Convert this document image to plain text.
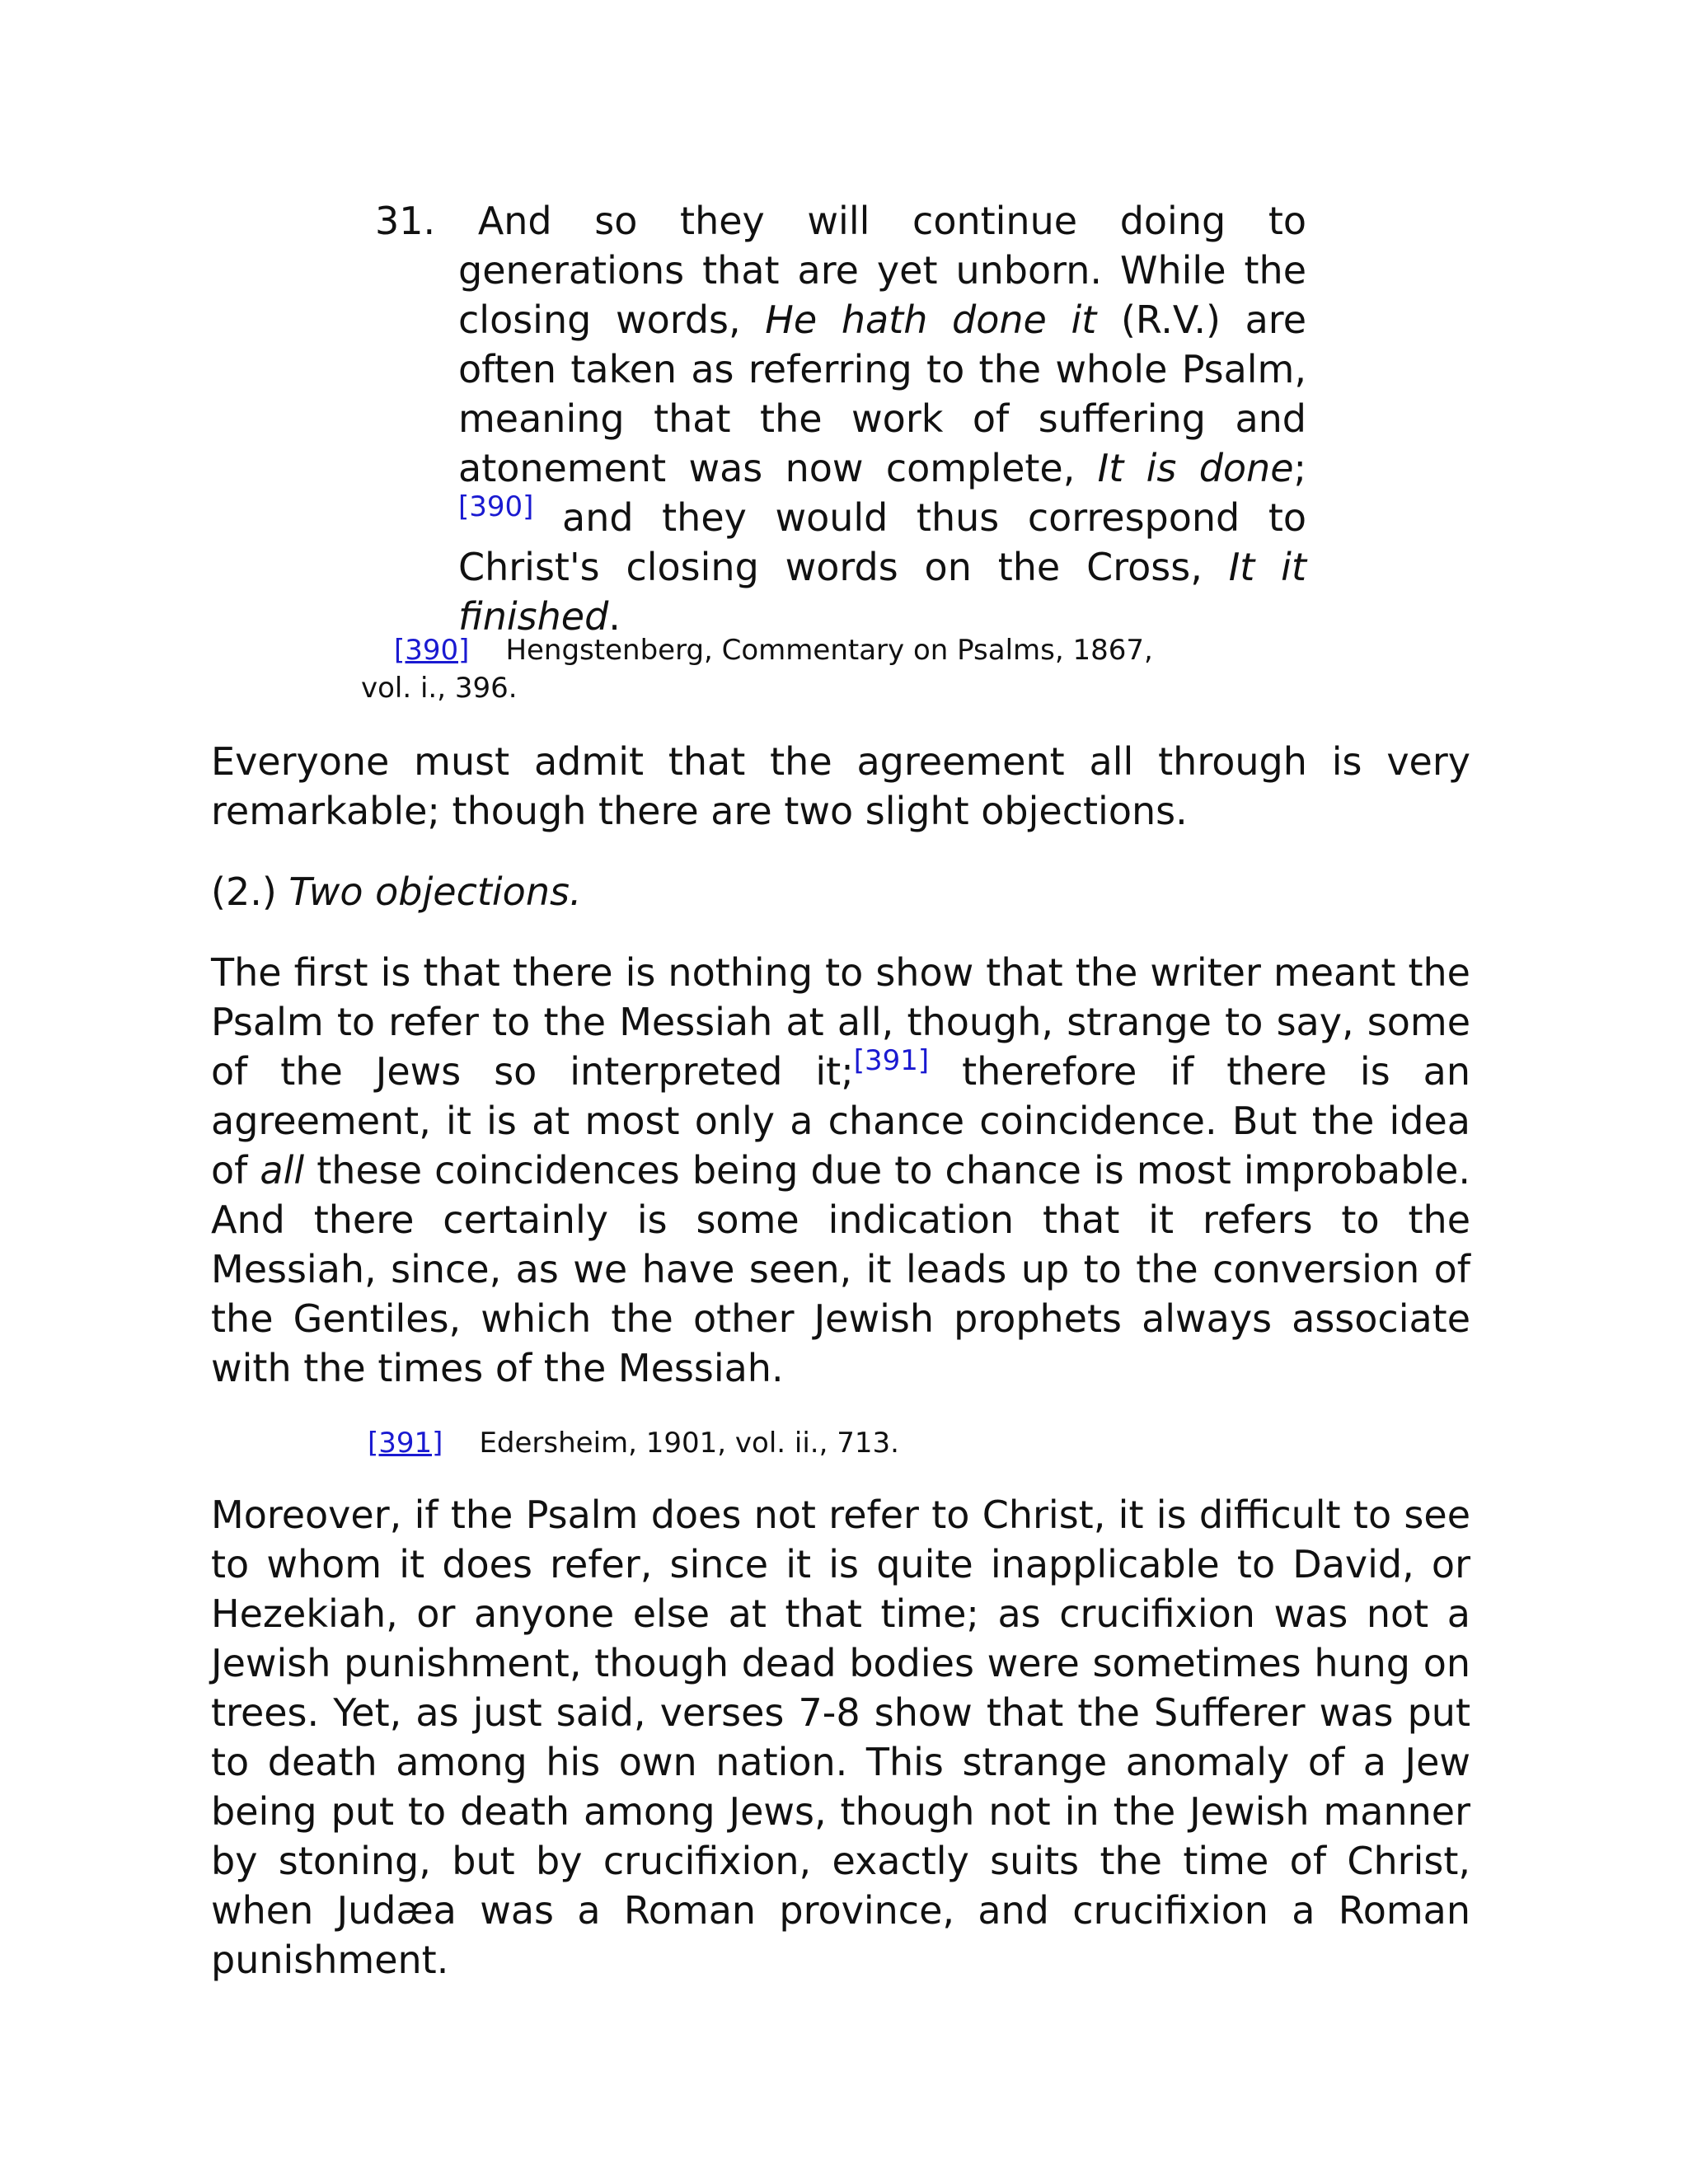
31. And so they will continue doing to generations that are yet unborn. While the closing words, He hath done it (R.V.) are often taken as referring to the whole Psalm, meaning that the work of suffering and atonement was now complete, It is done;[390] and they would thus correspond to Christ's closing words on the Cross, It it finished.
[390] Hengstenberg, Commentary on Psalms, 1867,
vol. i., 396.

Everyone must admit that the agreement all through is very remarkable; though there are two slight objections.

(2.) Two objections.

The first is that there is nothing to show that the writer meant the Psalm to refer to the Messiah at all, though, strange to say, some of the Jews so interpreted it;[391] therefore if there is an agreement, it is at most only a chance coincidence. But the idea of all these coincidences being due to chance is most improbable. And there certainly is some indication that it refers to the Messiah, since, as we have seen, it leads up to the conversion of the Gentiles, which the other Jewish prophets always associate with the times of the Messiah.

[391] Edersheim, 1901, vol. ii., 713.

Moreover, if the Psalm does not refer to Christ, it is difficult to see to whom it does refer, since it is quite inapplicable to David, or Hezekiah, or anyone else at that time; as crucifixion was not a Jewish punishment, though dead bodies were sometimes hung on trees. Yet, as just said, verses 7-8 show that the Sufferer was put to death among his own nation. This strange anomaly of a Jew being put to death among Jews, though not in the Jewish manner by stoning, but by crucifixion, exactly suits the time of Christ, when Judæa was a Roman province, and crucifixion a Roman punishment.
